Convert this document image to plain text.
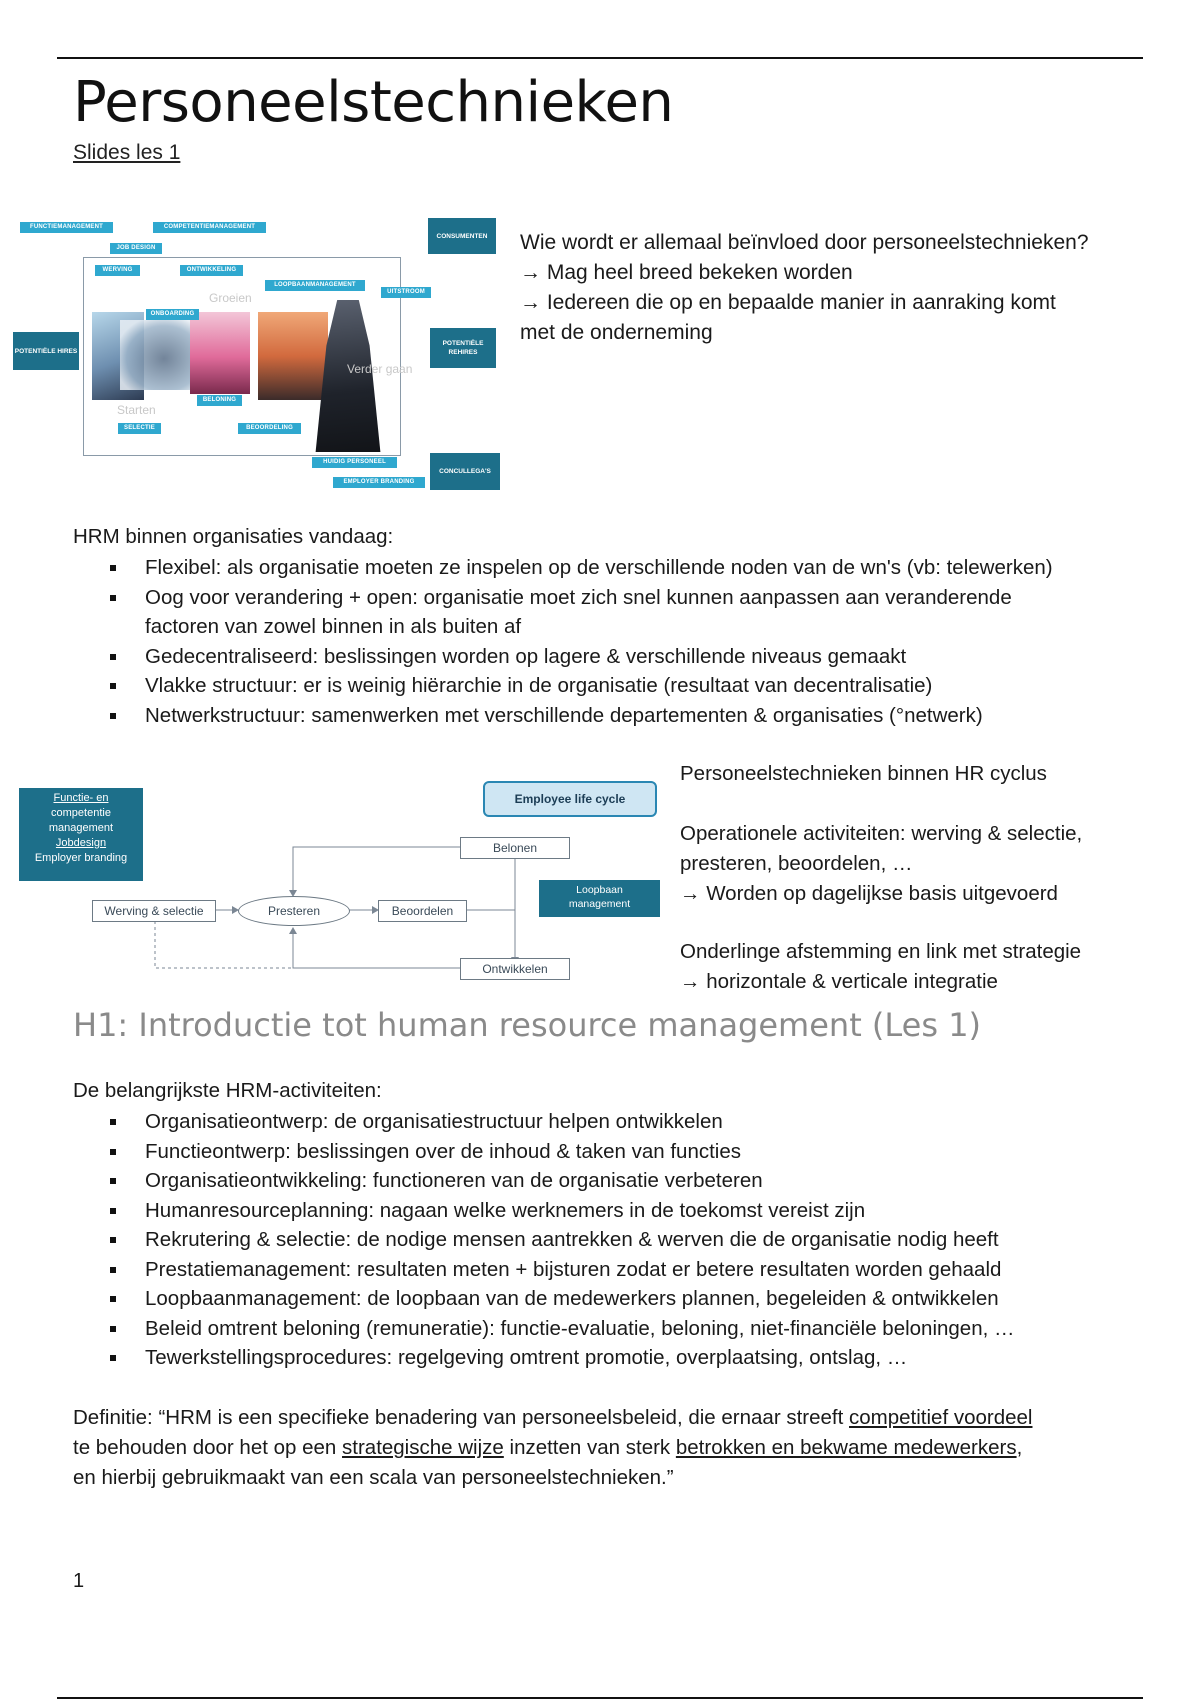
Personeelstechnieken
Slides les 1
FUNCTIEMANAGEMENT	COMPETENTIEMANAGEMENT
JOB DESIGN
WERVING	ONTWIKKELING
LOOPBAANMANAGEMENT
UITSTROOM
ONBOARDING
BELONING
SELECTIE	BEOORDELING
HUIDIG PERSONEEL
EMPLOYER BRANDING
Groeien
Verder gaan
Starten
CONSUMENTEN
POTENTIËLE HIRES
POTENTIËLE REHIRES
CONCULLEGA'S
Wie wordt er allemaal beïnvloed door personeelstechnieken?
→ Mag heel breed bekeken worden
→ Iedereen die op en bepaalde manier in aanraking komt
met de onderneming
HRM binnen organisaties vandaag:
Flexibel: als organisatie moeten ze inspelen op de verschillende noden van de wn's (vb: telewerken)
Oog voor verandering + open: organisatie moet zich snel kunnen aanpassen aan veranderende
factoren van zowel binnen in als buiten af
Gedecentraliseerd: beslissingen worden op lagere & verschillende niveaus gemaakt
Vlakke structuur: er is weinig hiërarchie in de organisatie (resultaat van decentralisatie)
Netwerkstructuur: samenwerken met verschillende departementen & organisaties (°netwerk)
Functie- en
competentie
management
Jobdesign
Employer branding
Employee life cycle
Belonen
Loopbaan
management
Werving & selectie	Presteren	Beoordelen
Ontwikkelen
Personeelstechnieken binnen HR cyclus
Operationele activiteiten: werving & selectie,
presteren, beoordelen, …
→ Worden op dagelijkse basis uitgevoerd
Onderlinge afstemming en link met strategie
→ horizontale & verticale integratie
H1: Introductie tot human resource management (Les 1)
De belangrijkste HRM-activiteiten:
Organisatieontwerp: de organisatiestructuur helpen ontwikkelen
Functieontwerp: beslissingen over de inhoud & taken van functies
Organisatieontwikkeling: functioneren van de organisatie verbeteren
Humanresourceplanning: nagaan welke werknemers in de toekomst vereist zijn
Rekrutering & selectie: de nodige mensen aantrekken & werven die de organisatie nodig heeft
Prestatiemanagement: resultaten meten + bijsturen zodat er betere resultaten worden gehaald
Loopbaanmanagement: de loopbaan van de medewerkers plannen, begeleiden & ontwikkelen
Beleid omtrent beloning (remuneratie): functie-evaluatie, beloning, niet-financiële beloningen, …
Tewerkstellingsprocedures: regelgeving omtrent promotie, overplaatsing, ontslag, …
Definitie: “HRM is een specifieke benadering van personeelsbeleid, die ernaar streeft competitief voordeel
te behouden door het op een strategische wijze inzetten van sterk betrokken en bekwame medewerkers,
en hierbij gebruikmaakt van een scala van personeelstechnieken.”
1
